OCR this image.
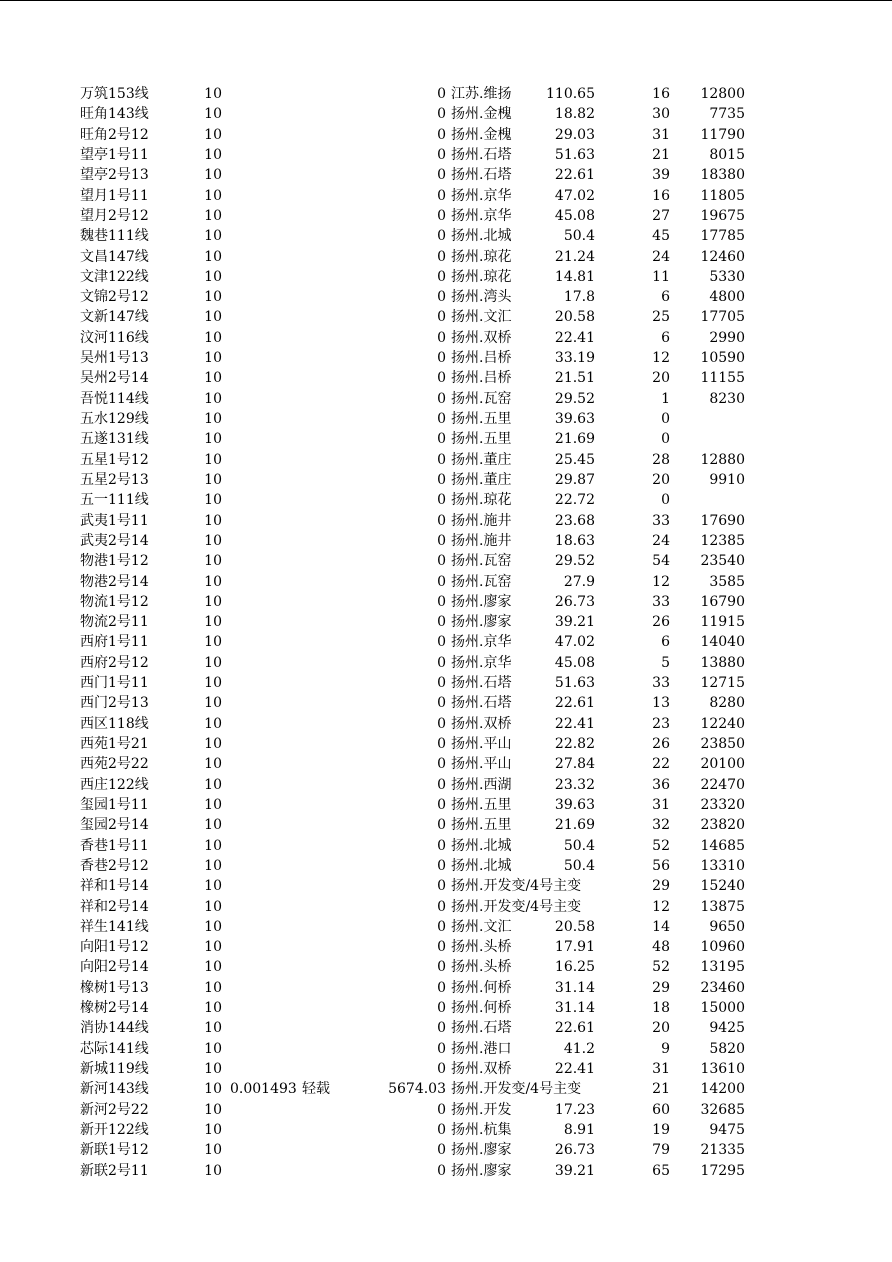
万筑153线	10	0 江苏.维扬	110.65	16	12800
旺角143线	10	0 扬州.金槐	18.82	30	7735
旺角2号12	10	0 扬州.金槐	29.03	31	11790
望亭1号11	10	0 扬州.石塔	51.63	21	8015
望亭2号13	10	0 扬州.石塔	22.61	39	18380
望月1号11	10	0 扬州.京华	47.02	16	11805
望月2号12	10	0 扬州.京华	45.08	27	19675
魏巷111线	10	0 扬州.北城	50.4	45	17785
文昌147线	10	0 扬州.琼花	21.24	24	12460
文津122线	10	0 扬州.琼花	14.81	11	5330
文锦2号12	10	0 扬州.湾头	17.8	6	4800
文新147线	10	0 扬州.文汇	20.58	25	17705
汶河116线	10	0 扬州.双桥	22.41	6	2990
吴州1号13	10	0 扬州.吕桥	33.19	12	10590
吴州2号14	10	0 扬州.吕桥	21.51	20	11155
吾悦114线	10	0 扬州.瓦窑	29.52	1	8230
五水129线	10	0 扬州.五里	39.63	0
五遂131线	10	0 扬州.五里	21.69	0
五星1号12	10	0 扬州.董庄	25.45	28	12880
五星2号13	10	0 扬州.董庄	29.87	20	9910
五一111线	10	0 扬州.琼花	22.72	0
武夷1号11	10	0 扬州.施井	23.68	33	17690
武夷2号14	10	0 扬州.施井	18.63	24	12385
物港1号12	10	0 扬州.瓦窑	29.52	54	23540
物港2号14	10	0 扬州.瓦窑	27.9	12	3585
物流1号12	10	0 扬州.廖家	26.73	33	16790
物流2号11	10	0 扬州.廖家	39.21	26	11915
西府1号11	10	0 扬州.京华	47.02	6	14040
西府2号12	10	0 扬州.京华	45.08	5	13880
西门1号11	10	0 扬州.石塔	51.63	33	12715
西门2号13	10	0 扬州.石塔	22.61	13	8280
西区118线	10	0 扬州.双桥	22.41	23	12240
西苑1号21	10	0 扬州.平山	22.82	26	23850
西苑2号22	10	0 扬州.平山	27.84	22	20100
西庄122线	10	0 扬州.西湖	23.32	36	22470
玺园1号11	10	0 扬州.五里	39.63	31	23320
玺园2号14	10	0 扬州.五里	21.69	32	23820
香巷1号11	10	0 扬州.北城	50.4	52	14685
香巷2号12	10	0 扬州.北城	50.4	56	13310
祥和1号14	10	0 扬州.开发变/4号主变	29	15240
祥和2号14	10	0 扬州.开发变/4号主变	12	13875
祥生141线	10	0 扬州.文汇	20.58	14	9650
向阳1号12	10	0 扬州.头桥	17.91	48	10960
向阳2号14	10	0 扬州.头桥	16.25	52	13195
橡树1号13	10	0 扬州.何桥	31.14	29	23460
橡树2号14	10	0 扬州.何桥	31.14	18	15000
消协144线	10	0 扬州.石塔	22.61	20	9425
芯际141线	10	0 扬州.港口	41.2	9	5820
新城119线	10	0 扬州.双桥	22.41	31	13610
新河143线	10 0.001493 轻载	5674.03 扬州.开发变/4号主变	21	14200
新河2号22	10	0 扬州.开发	17.23	60	32685
新开122线	10	0 扬州.杭集	8.91	19	9475
新联1号12	10	0 扬州.廖家	26.73	79	21335
新联2号11	10	0 扬州.廖家	39.21	65	17295
